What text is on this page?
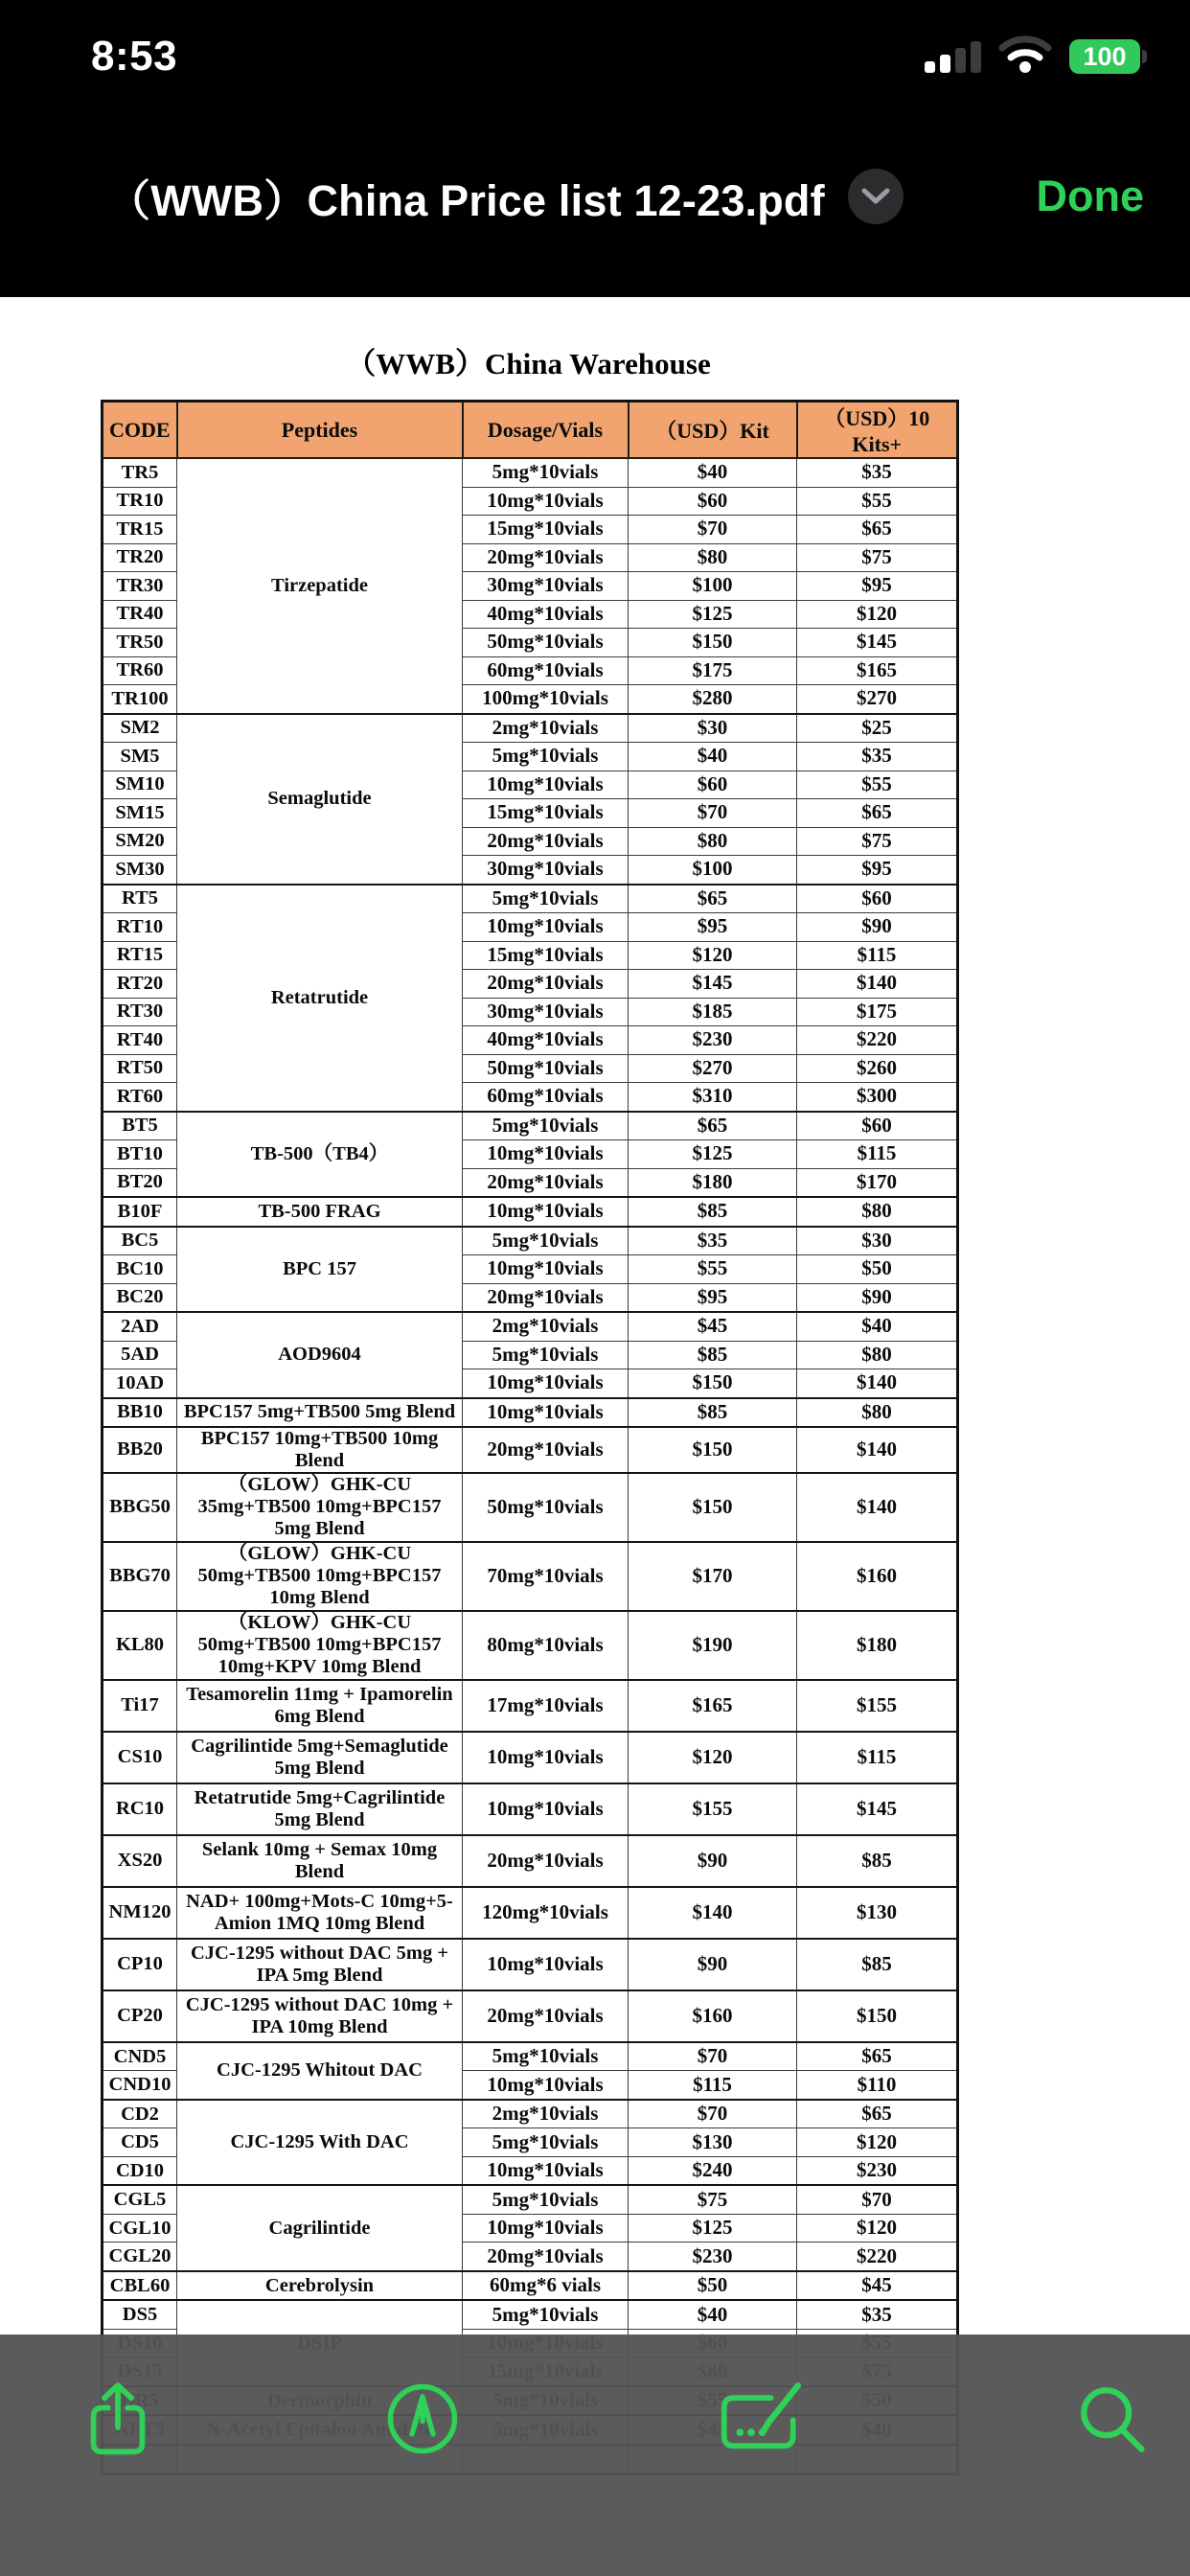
8:53	100
（WWB）China Price list 12-23.pdf	Done
（WWB）China Warehouse
CODE	Peptides	Dosage/Vials	（USD）Kit	（USD）10 Kits+
TR5	Tirzepatide	5mg*10vials	$40	$35
TR10		10mg*10vials	$60	$55
TR15		15mg*10vials	$70	$65
TR20		20mg*10vials	$80	$75
TR30		30mg*10vials	$100	$95
TR40		40mg*10vials	$125	$120
TR50		50mg*10vials	$150	$145
TR60		60mg*10vials	$175	$165
TR100		100mg*10vials	$280	$270
SM2	Semaglutide	2mg*10vials	$30	$25
SM5		5mg*10vials	$40	$35
SM10		10mg*10vials	$60	$55
SM15		15mg*10vials	$70	$65
SM20		20mg*10vials	$80	$75
SM30		30mg*10vials	$100	$95
RT5	Retatrutide	5mg*10vials	$65	$60
RT10		10mg*10vials	$95	$90
RT15		15mg*10vials	$120	$115
RT20		20mg*10vials	$145	$140
RT30		30mg*10vials	$185	$175
RT40		40mg*10vials	$230	$220
RT50		50mg*10vials	$270	$260
RT60		60mg*10vials	$310	$300
BT5	TB-500（TB4）	5mg*10vials	$65	$60
BT10		10mg*10vials	$125	$115
BT20		20mg*10vials	$180	$170
B10F	TB-500 FRAG	10mg*10vials	$85	$80
BC5	BPC 157	5mg*10vials	$35	$30
BC10		10mg*10vials	$55	$50
BC20		20mg*10vials	$95	$90
2AD	AOD9604	2mg*10vials	$45	$40
5AD		5mg*10vials	$85	$80
10AD		10mg*10vials	$150	$140
BB10	BPC157 5mg+TB500 5mg Blend	10mg*10vials	$85	$80
BB20	BPC157 10mg+TB500 10mg Blend	20mg*10vials	$150	$140
BBG50	（GLOW）GHK-CU 35mg+TB500 10mg+BPC157 5mg Blend	50mg*10vials	$150	$140
BBG70	（GLOW）GHK-CU 50mg+TB500 10mg+BPC157 10mg Blend	70mg*10vials	$170	$160
KL80	（KLOW）GHK-CU 50mg+TB500 10mg+BPC157 10mg+KPV 10mg Blend	80mg*10vials	$190	$180
Ti17	Tesamorelin 11mg + Ipamorelin 6mg Blend	17mg*10vials	$165	$155
CS10	Cagrilintide 5mg+Semaglutide 5mg Blend	10mg*10vials	$120	$115
RC10	Retatrutide 5mg+Cagrilintide 5mg Blend	10mg*10vials	$155	$145
XS20	Selank 10mg + Semax 10mg Blend	20mg*10vials	$90	$85
NM120	NAD+ 100mg+Mots-C 10mg+5-Amion 1MQ 10mg Blend	120mg*10vials	$140	$130
CP10	CJC-1295 without DAC 5mg + IPA 5mg Blend	10mg*10vials	$90	$85
CP20	CJC-1295 without DAC 10mg + IPA 10mg Blend	20mg*10vials	$160	$150
CND5	CJC-1295 Whitout DAC	5mg*10vials	$70	$65
CND10		10mg*10vials	$115	$110
CD2	CJC-1295 With DAC	2mg*10vials	$70	$65
CD5		5mg*10vials	$130	$120
CD10		10mg*10vials	$240	$230
CGL5	Cagrilintide	5mg*10vials	$75	$70
CGL10		10mg*10vials	$125	$120
CGL20		20mg*10vials	$230	$220
CBL60	Cerebrolysin	60mg*6 vials	$50	$45
DS5		5mg*10vials	$40	$35
